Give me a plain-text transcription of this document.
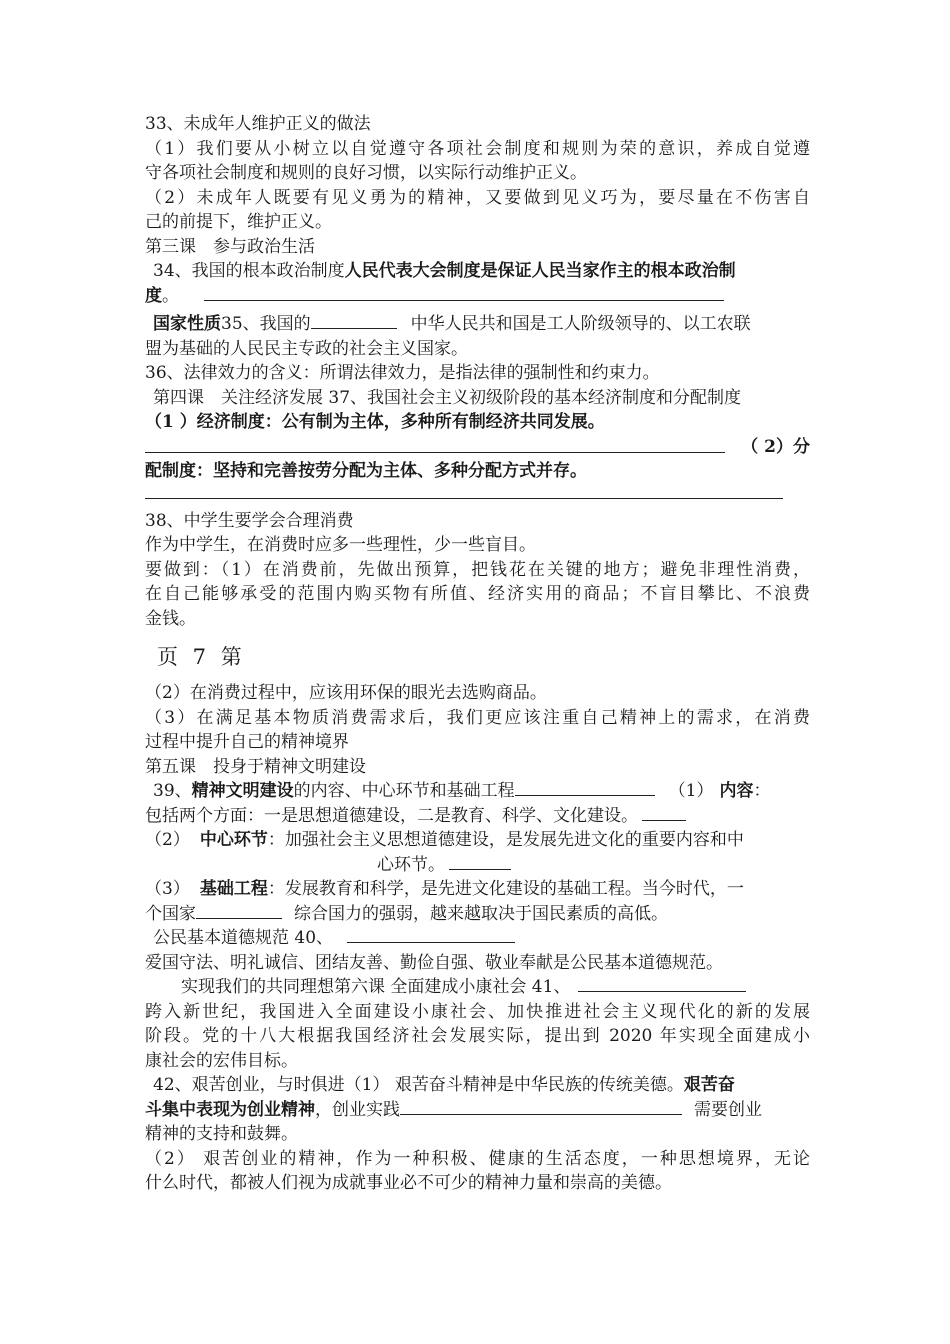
33、未成年人维护正义的做法
（1）我们要从小树立以自觉遵守各项社会制度和规则为荣的意识，养成自觉遵
守各项社会制度和规则的良好习惯，以实际行动维护正义。
（2）未成年人既要有见义勇为的精神，又要做到见义巧为，要尽量在不伤害自
己的前提下，维护正义。
第三课　参与政治生活
34、我国的根本政治制度人民代表大会制度是保证人民当家作主的根本政治制
度。
国家性质35、我国的	中华人民共和国是工人阶级领导的、以工农联
盟为基础的人民民主专政的社会主义国家。
36、法律效力的含义：所谓法律效力，是指法律的强制性和约束力。
第四课　关注经济发展 37、我国社会主义初级阶段的基本经济制度和分配制度
（1 ）经济制度：公有制为主体，多种所有制经济共同发展。
（ 2）分
配制度：坚持和完善按劳分配为主体、多种分配方式并存。
38、中学生要学会合理消费
作为中学生，在消费时应多一些理性，少一些盲目。
要做到：（1）在消费前，先做出预算，把钱花在关键的地方；避免非理性消费，
在自己能够承受的范围内购买物有所值、经济实用的商品；不盲目攀比、不浪费
金钱。
页 7 第
（2）在消费过程中，应该用环保的眼光去选购商品。
（3）在满足基本物质消费需求后，我们更应该注重自己精神上的需求，在消费
过程中提升自己的精神境界
第五课　投身于精神文明建设
39、精神文明建设的内容、中心环节和基础工程	（1） 内容：
包括两个方面：一是思想道德建设，二是教育、科学、文化建设。
（2） 中心环节：加强社会主义思想道德建设，是发展先进文化的重要内容和中
心环节。
（3） 基础工程：发展教育和科学，是先进文化建设的基础工程。当今时代，一
个国家	综合国力的强弱，越来越取决于国民素质的高低。
公民基本道德规范 40、
爱国守法、明礼诚信、团结友善、勤俭自强、敬业奉献是公民基本道德规范。
实现我们的共同理想第六课 全面建成小康社会 41、
跨入新世纪，我国进入全面建设小康社会、加快推进社会主义现代化的新的发展
阶段。党的十八大根据我国经济社会发展实际，提出到 2020 年实现全面建成小
康社会的宏伟目标。
42、艰苦创业，与时俱进（1） 艰苦奋斗精神是中华民族的传统美德。艰苦奋
斗集中表现为创业精神，创业实践	需要创业
精神的支持和鼓舞。
（2） 艰苦创业的精神，作为一种积极、健康的生活态度，一种思想境界，无论
什么时代，都被人们视为成就事业必不可少的精神力量和崇高的美德。
